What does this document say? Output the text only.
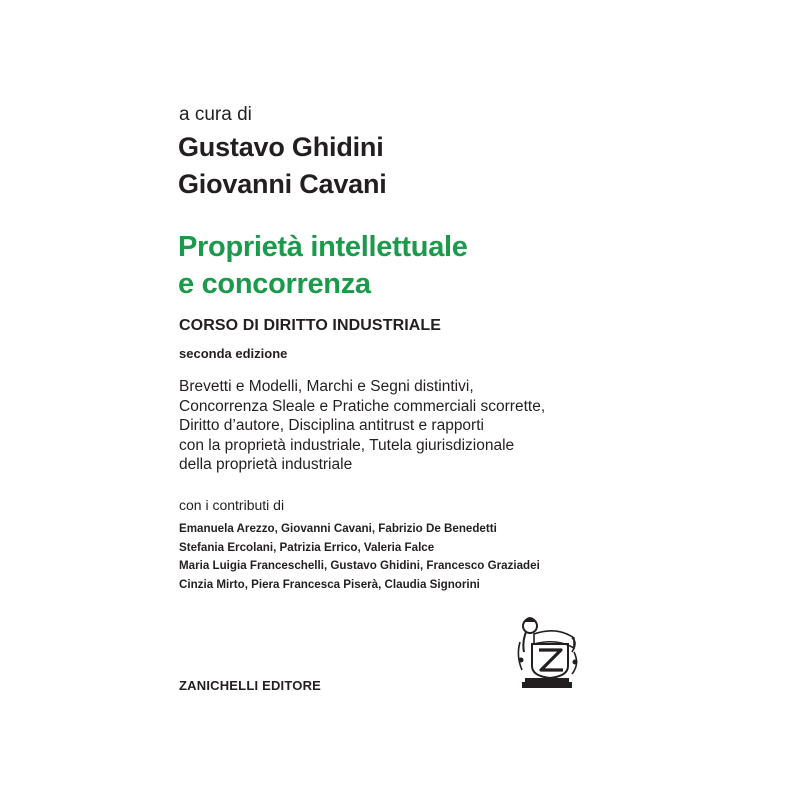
a cura di
Gustavo Ghidini
Giovanni Cavani
Proprietà intellettuale
e concorrenza
CORSO DI DIRITTO INDUSTRIALE
seconda edizione
Brevetti e Modelli, Marchi e Segni distintivi,
Concorrenza Sleale e Pratiche commerciali scorrette,
Diritto d’autore, Disciplina antitrust e rapporti
con la proprietà industriale, Tutela giurisdizionale
della proprietà industriale
con i contributi di
Emanuela Arezzo, Giovanni Cavani, Fabrizio De Benedetti
Stefania Ercolani, Patrizia Errico, Valeria Falce
Maria Luigia Franceschelli, Gustavo Ghidini, Francesco Graziadei
Cinzia Mirto, Piera Francesca Piserà, Claudia Signorini
ZANICHELLI EDITORE
